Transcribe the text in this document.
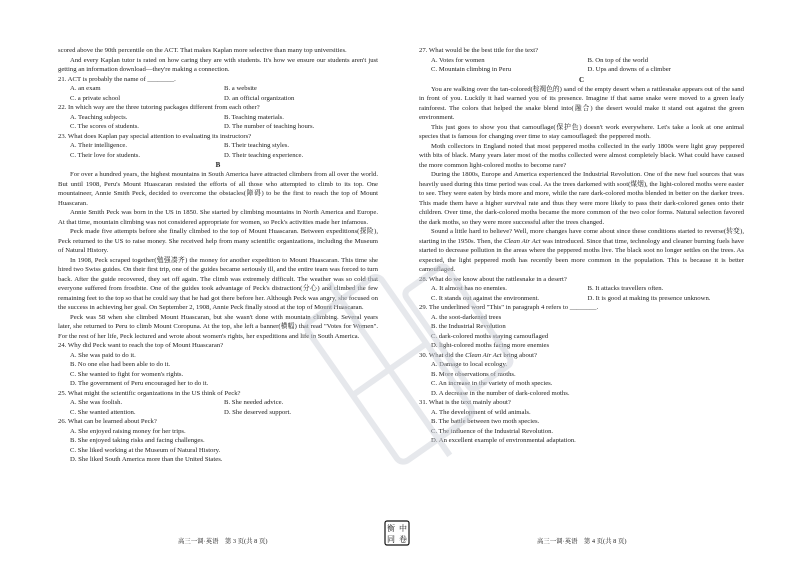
scored above the 90th percentile on the ACT. That makes Kaplan more selective than many top universities.

And every Kaplan tutor is rated on how caring they are with students. It's how we ensure our students aren't just getting an information download—they're making a connection.

21. ACT is probably the name of ________.

A. an exam	B. a website
C. a private school	D. an official organization

22. In which way are the three tutoring packages different from each other?

A. Teaching subjects.	B. Teaching materials.
C. The scores of students.	D. The number of teaching hours.

23. What does Kaplan pay special attention to evaluating its instructors?

A. Their intelligence.	B. Their teaching styles.
C. Their love for students.	D. Their teaching experience.

B

For over a hundred years, the highest mountains in South America have attracted climbers from all over the world. But until 1908, Peru's Mount Huascaran resisted the efforts of all those who attempted to climb to its top. One mountaineer, Annie Smith Peck, decided to overcome the obstacles(障碍) to be the first to reach the top of Mount Huascaran.

Annie Smith Peck was born in the US in 1850. She started by climbing mountains in North America and Europe. At that time, mountain climbing was not considered appropriate for women, so Peck's activities made her infamous.

Peck made five attempts before she finally climbed to the top of Mount Huascaran. Between expeditions(探险), Peck returned to the US to raise money. She received help from many scientific organizations, including the Museum of Natural History.

In 1908, Peck scraped together(勉强凑齐) the money for another expedition to Mount Huascaran. This time she hired two Swiss guides. On their first trip, one of the guides became seriously ill, and the entire team was forced to turn back. After the guide recovered, they set off again. The climb was extremely difficult. The weather was so cold that everyone suffered from frostbite. One of the guides took advantage of Peck's distraction(分心) and climbed the few remaining feet to the top so that he could say that he had got there before her. Although Peck was angry, she focused on the success in achieving her goal. On September 2, 1908, Annie Peck finally stood at the top of Mount Huascaran.

Peck was 58 when she climbed Mount Huascaran, but she wasn't done with mountain climbing. Several years later, she returned to Peru to climb Mount Coropuna. At the top, she left a banner(横幅) that read "Votes for Women". For the rest of her life, Peck lectured and wrote about women's rights, her expeditions and life in South America.

24. Why did Peck want to reach the top of Mount Huascaran?

A. She was paid to do it.
B. No one else had been able to do it.
C. She wanted to fight for women's rights.
D. The government of Peru encouraged her to do it.

25. What might the scientific organizations in the US think of Peck?

A. She was foolish.	B. She needed advice.
C. She wanted attention.	D. She deserved support.

26. What can be learned about Peck?

A. She enjoyed raising money for her trips.
B. She enjoyed taking risks and facing challenges.
C. She liked working at the Museum of Natural History.
D. She liked South America more than the United States.

27. What would be the best title for the text?

A. Votes for women	B. On top of the world
C. Mountain climbing in Peru	D. Ups and downs of a climber

C

You are walking over the tan-colored(棕褐色的) sand of the empty desert when a rattlesnake appears out of the sand in front of you. Luckily it had warned you of its presence. Imagine if that same snake were moved to a green leafy rainforest. The colors that helped the snake blend into(融合) the desert would make it stand out against the green environment.

This just goes to show you that camouflage(保护色) doesn't work everywhere. Let's take a look at one animal species that is famous for changing over time to stay camouflaged: the peppered moth.

Moth collectors in England noted that most peppered moths collected in the early 1800s were light gray peppered with bits of black. Many years later most of the moths collected were almost completely black. What could have caused the more common light-colored moths to become rare?

During the 1800s, Europe and America experienced the Industrial Revolution. One of the new fuel sources that was heavily used during this time period was coal. As the trees darkened with soot(煤烟), the light-colored moths were easier to see. They were eaten by birds more and more, while the rare dark-colored moths blended in better on the darker trees. This made them have a higher survival rate and thus they were more likely to pass their dark-colored genes onto their children. Over time, the dark-colored moths became the more common of the two color forms. Natural selection favored the dark moths, so they were more successful after the trees changed.

Sound a little hard to believe? Well, more changes have come about since these conditions started to reverse(转变), starting in the 1950s. Then, the Clean Air Act was introduced. Since that time, technology and cleaner burning fuels have started to decrease pollution in the areas where the peppered moths live. The black soot no longer settles on the trees. As expected, the light peppered moth has recently been more common in the population. This is because it is better camouflaged.

28. What do we know about the rattlesnake in a desert?

A. It almost has no enemies.	B. It attacks travellers often.
C. It stands out against the environment.	D. It is good at making its presence unknown.

29. The underlined word "This" in paragraph 4 refers to ________.

A. the soot-darkened trees
B. the Industrial Revolution
C. dark-colored moths staying camouflaged
D. light-colored moths facing more enemies

30. What did the Clean Air Act bring about?

A. Damage to local ecology.
B. More observations of moths.
C. An increase in the variety of moth species.
D. A decrease in the number of dark-colored moths.

31. What is the text mainly about?

A. The development of wild animals.
B. The battle between two moth species.
C. The influence of the Industrial Revolution.
D. An excellent example of environmental adaptation.
高三一调·英语　第 3 页(共 8 页)	高三一调·英语　第 4 页(共 8 页)
衡 中
同 卷
